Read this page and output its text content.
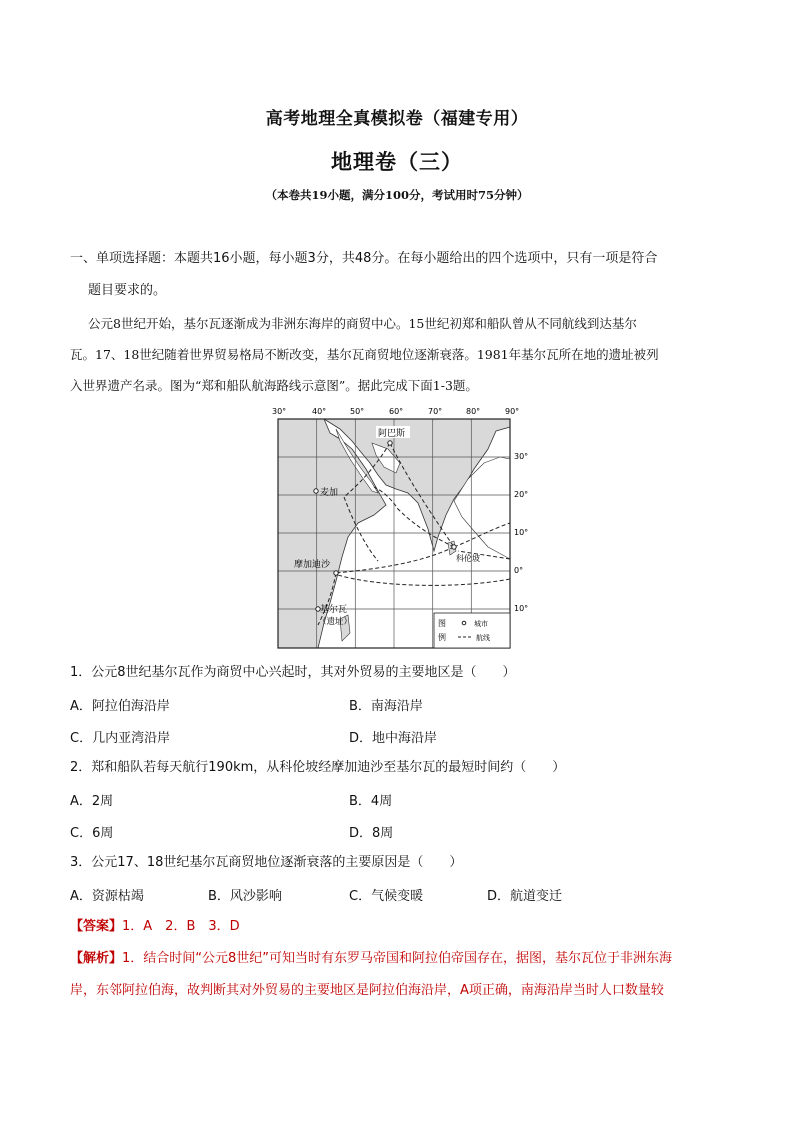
高考地理全真模拟卷（福建专用）
地理卷（三）
（本卷共19小题，满分100分，考试用时75分钟）
一、单项选择题：本题共16小题，每小题3分，共48分。在每小题给出的四个选项中，只有一项是符合
题目要求的。
公元8世纪开始，基尔瓦逐渐成为非洲东海岸的商贸中心。15世纪初郑和船队曾从不同航线到达基尔
瓦。17、18世纪随着世界贸易格局不断改变，基尔瓦商贸地位逐渐衰落。1981年基尔瓦所在地的遗址被列
入世界遗产名录。图为“郑和船队航海路线示意图”。据此完成下面1-3题。
30°	40°	50°	60°	70°	80°	90°
阿巴斯
麦加
摩加迪沙
科伦坡
基尔瓦
（遗址）
30°
20°
10°
0°
10°
图
例
城市
航线
1．公元8世纪基尔瓦作为商贸中心兴起时，其对外贸易的主要地区是（　　）
A．阿拉伯海沿岸	B．南海沿岸
C．几内亚湾沿岸	D．地中海沿岸
2．郑和船队若每天航行190km，从科伦坡经摩加迪沙至基尔瓦的最短时间约（　　）
A．2周	B．4周
C．6周	D．8周
3．公元17、18世纪基尔瓦商贸地位逐渐衰落的主要原因是（　　）
A．资源枯竭	B．风沙影响	C．气候变暖	D．航道变迁
【答案】1．A　2．B　3．D
【解析】1．结合时间“公元8世纪”可知当时有东罗马帝国和阿拉伯帝国存在，据图，基尔瓦位于非洲东海
岸，东邻阿拉伯海，故判断其对外贸易的主要地区是阿拉伯海沿岸，A项正确，南海沿岸当时人口数量较
